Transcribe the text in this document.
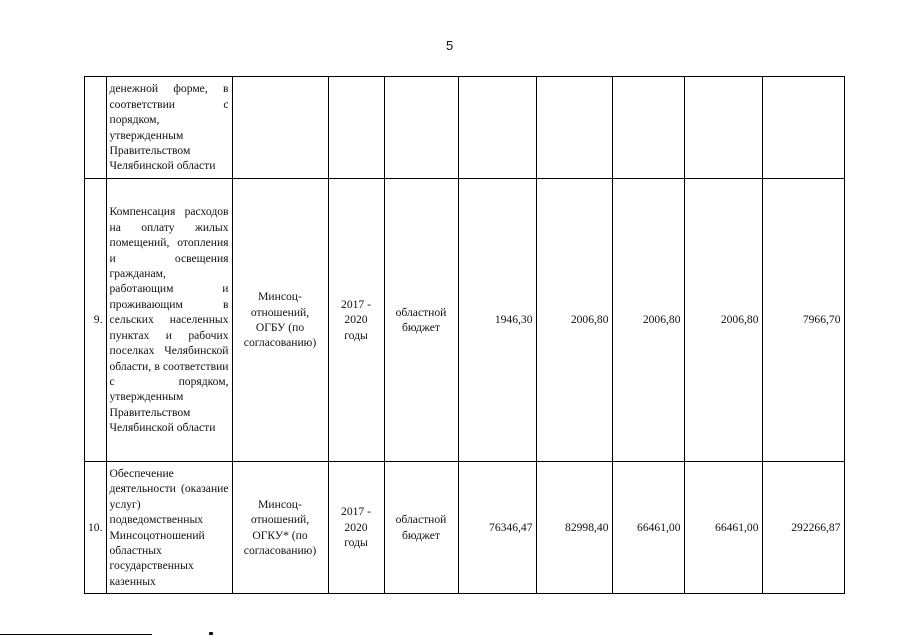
5
	денежной форме, в соответствии с порядком, утвержденным Правительством Челябинской области								
9.	Компенсация расходов на оплату жилых помещений, отопления и освещения гражданам, работающим и проживающим в сельских населенных пунктах и рабочих поселках Челябинской области, в соответствии с порядком, утвержденным Правительством Челябинской области	Минсоц-отношений, ОГБУ (по согласованию)	2017 - 2020 годы	областной бюджет	1946,30	2006,80	2006,80	2006,80	7966,70
10.	Обеспечение деятельности (оказание услуг) подведомственных Минсоцотношений областных государственных казенных	Минсоц-отношений, ОГКУ* (по согласованию)	2017 - 2020 годы	областной бюджет	76346,47	82998,40	66461,00	66461,00	292266,87
